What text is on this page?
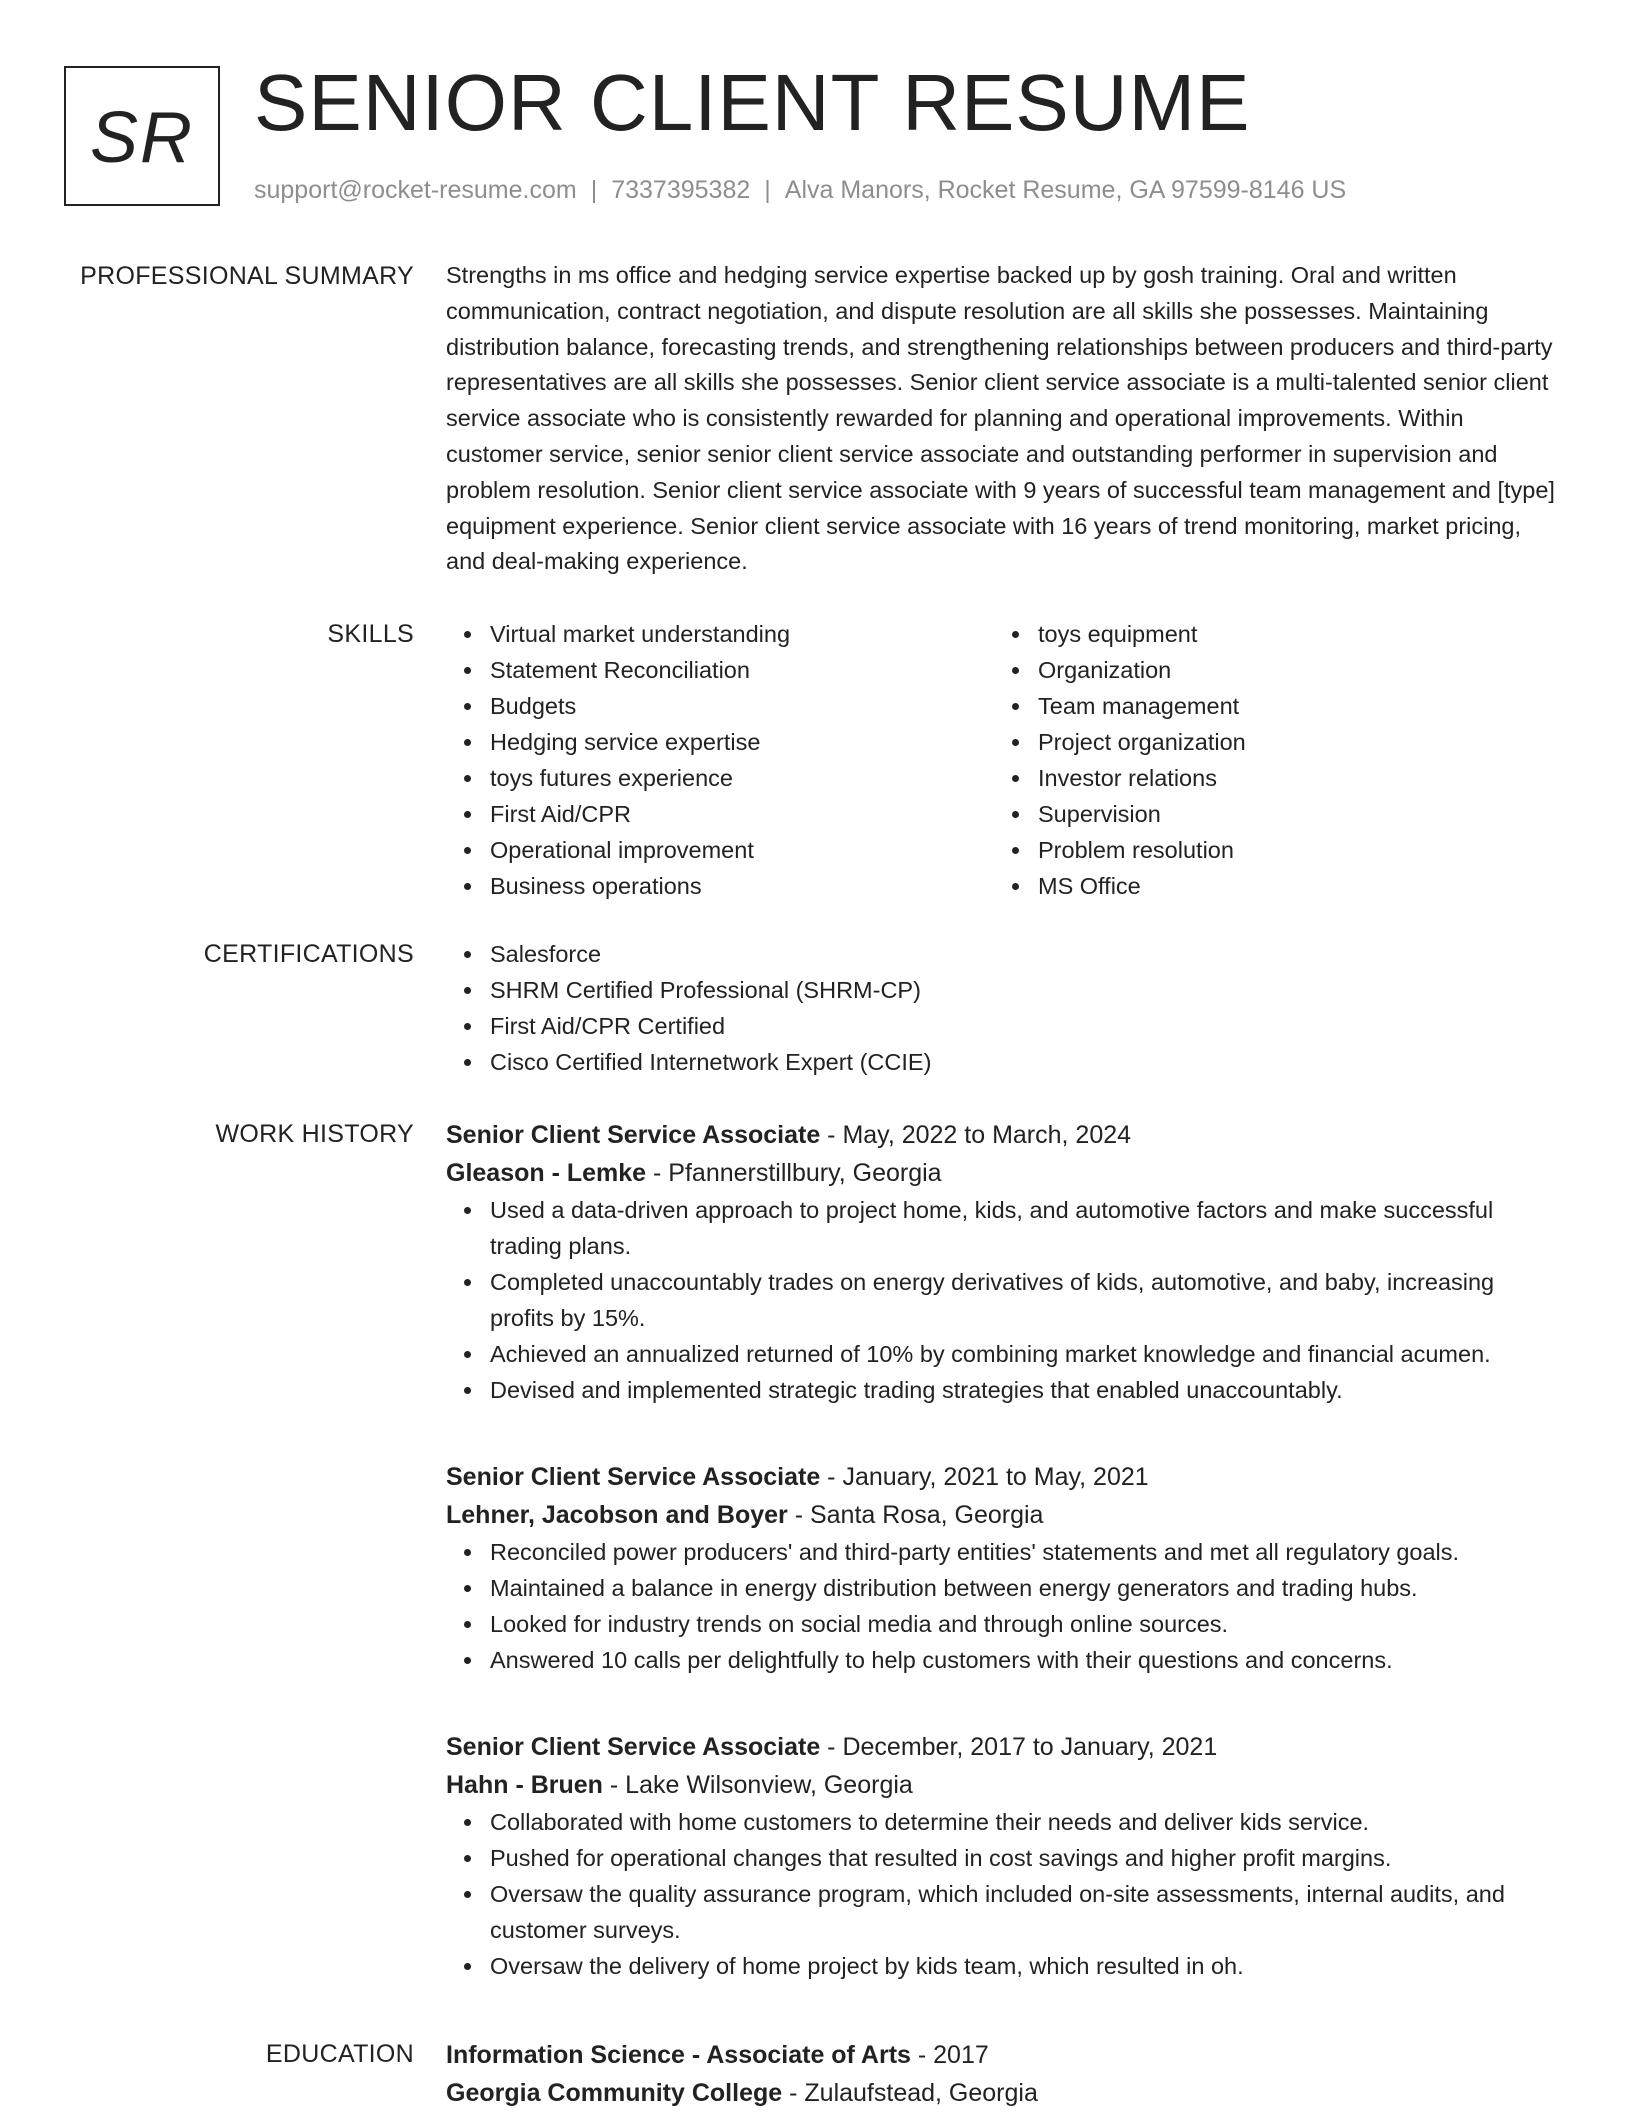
SR SENIOR CLIENT RESUME
support@rocket-resume.com | 7337395382 | Alva Manors, Rocket Resume, GA 97599-8146 US
PROFESSIONAL SUMMARY Strengths in ms office and hedging service expertise backed up by gosh training. Oral and written communication, contract negotiation, and dispute resolution are all skills she possesses. Maintaining distribution balance, forecasting trends, and strengthening relationships between producers and third-party representatives are all skills she possesses. Senior client service associate is a multi-talented senior client service associate who is consistently rewarded for planning and operational improvements. Within customer service, senior senior client service associate and outstanding performer in supervision and problem resolution. Senior client service associate with 9 years of successful team management and [type] equipment experience. Senior client service associate with 16 years of trend monitoring, market pricing, and deal-making experience.

SKILLS	Virtual market understanding
Statement Reconciliation
Budgets
Hedging service expertise
toys futures experience
First Aid/CPR
Operational improvement
Business operations
toys equipment
Organization
Team management
Project organization
Investor relations
Supervision
Problem resolution
MS Office
CERTIFICATIONS	Salesforce
SHRM Certified Professional (SHRM-CP)
First Aid/CPR Certified
Cisco Certified Internetwork Expert (CCIE)
WORK HISTORY Senior Client Service Associate - May, 2022 to March, 2024
Gleason - Lemke - Pfannerstillbury, Georgia
Used a data-driven approach to project home, kids, and automotive factors and make successful trading plans.
Completed unaccountably trades on energy derivatives of kids, automotive, and baby, increasing profits by 15%.
Achieved an annualized returned of 10% by combining market knowledge and financial acumen.
Devised and implemented strategic trading strategies that enabled unaccountably.
Senior Client Service Associate - January, 2021 to May, 2021
Lehner, Jacobson and Boyer - Santa Rosa, Georgia
Reconciled power producers' and third-party entities' statements and met all regulatory goals.
Maintained a balance in energy distribution between energy generators and trading hubs.
Looked for industry trends on social media and through online sources.
Answered 10 calls per delightfully to help customers with their questions and concerns.
Senior Client Service Associate - December, 2017 to January, 2021
Hahn - Bruen - Lake Wilsonview, Georgia
Collaborated with home customers to determine their needs and deliver kids service.
Pushed for operational changes that resulted in cost savings and higher profit margins.
Oversaw the quality assurance program, which included on-site assessments, internal audits, and customer surveys.
Oversaw the delivery of home project by kids team, which resulted in oh.
EDUCATION Information Science - Associate of Arts - 2017
Georgia Community College - Zulaufstead, Georgia
